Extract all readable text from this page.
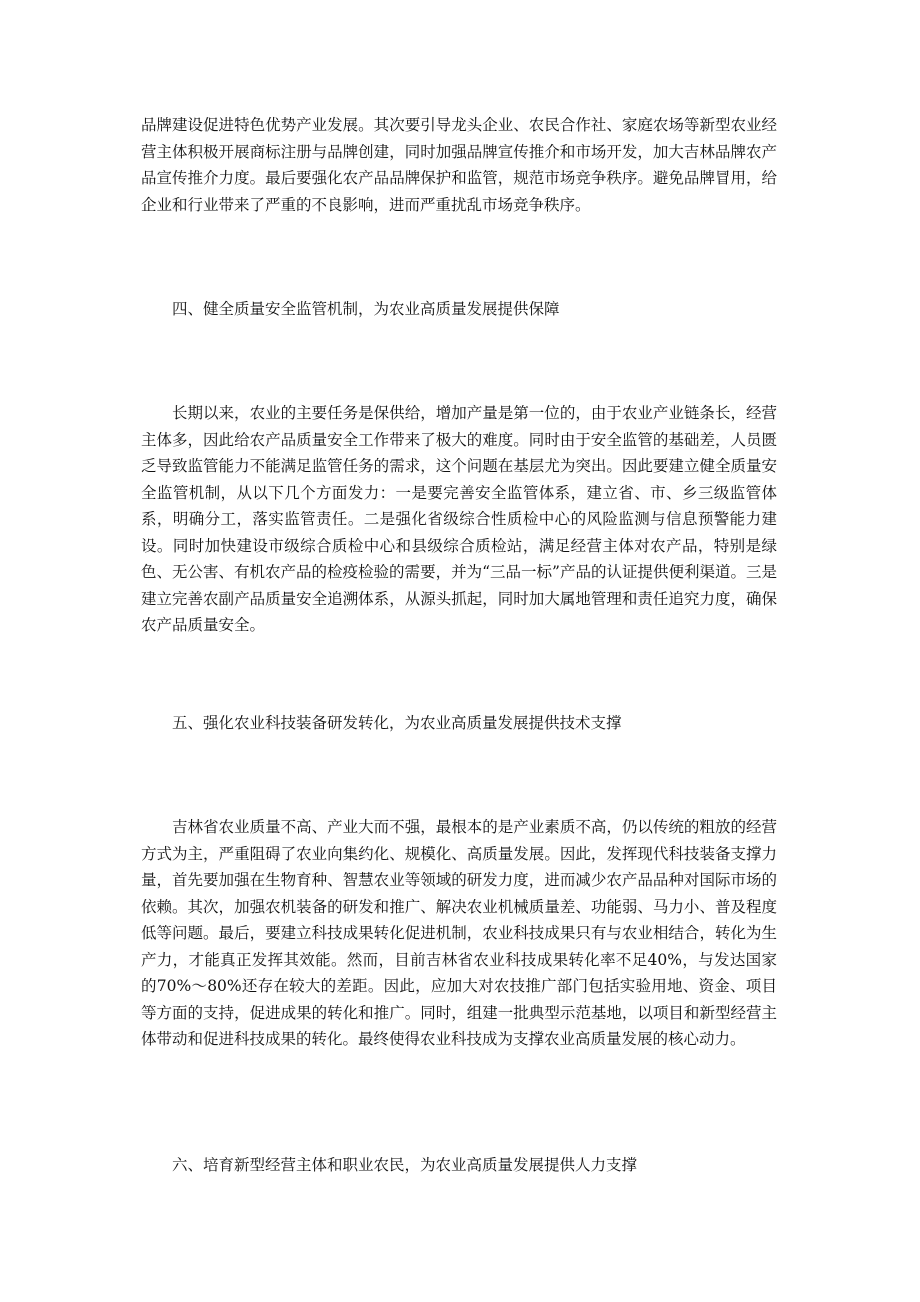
品牌建设促进特色优势产业发展。其次要引导龙头企业、农民合作社、家庭农场等新型农业经营主体积极开展商标注册与品牌创建，同时加强品牌宣传推介和市场开发，加大吉林品牌农产品宣传推介力度。最后要强化农产品品牌保护和监管，规范市场竞争秩序。避免品牌冒用，给企业和行业带来了严重的不良影响，进而严重扰乱市场竞争秩序。

四、健全质量安全监管机制，为农业高质量发展提供保障

长期以来，农业的主要任务是保供给，增加产量是第一位的，由于农业产业链条长，经营主体多，因此给农产品质量安全工作带来了极大的难度。同时由于安全监管的基础差，人员匮乏导致监管能力不能满足监管任务的需求，这个问题在基层尤为突出。因此要建立健全质量安全监管机制，从以下几个方面发力：一是要完善安全监管体系，建立省、市、乡三级监管体系，明确分工，落实监管责任。二是强化省级综合性质检中心的风险监测与信息预警能力建设。同时加快建设市级综合质检中心和县级综合质检站，满足经营主体对农产品，特别是绿色、无公害、有机农产品的检疫检验的需要，并为“三品一标”产品的认证提供便利渠道。三是建立完善农副产品质量安全追溯体系，从源头抓起，同时加大属地管理和责任追究力度，确保农产品质量安全。

五、强化农业科技装备研发转化，为农业高质量发展提供技术支撑

吉林省农业质量不高、产业大而不强，最根本的是产业素质不高，仍以传统的粗放的经营方式为主，严重阻碍了农业向集约化、规模化、高质量发展。因此，发挥现代科技装备支撑力量，首先要加强在生物育种、智慧农业等领域的研发力度，进而减少农产品品种对国际市场的依赖。其次，加强农机装备的研发和推广、解决农业机械质量差、功能弱、马力小、普及程度低等问题。最后，要建立科技成果转化促进机制，农业科技成果只有与农业相结合，转化为生产力，才能真正发挥其效能。然而，目前吉林省农业科技成果转化率不足40%，与发达国家的70%～80%还存在较大的差距。因此，应加大对农技推广部门包括实验用地、资金、项目等方面的支持，促进成果的转化和推广。同时，组建一批典型示范基地，以项目和新型经营主体带动和促进科技成果的转化。最终使得农业科技成为支撑农业高质量发展的核心动力。

六、培育新型经营主体和职业农民，为农业高质量发展提供人力支撑
